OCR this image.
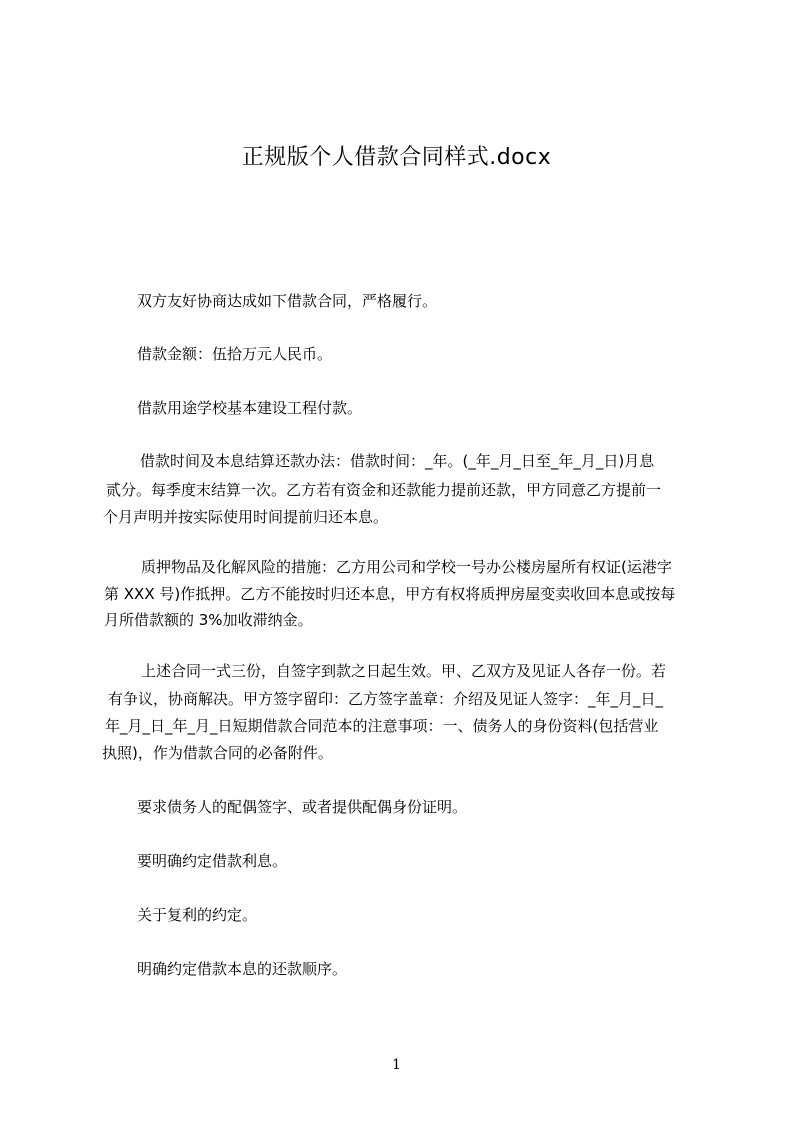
正规版个人借款合同样式.docx
双方友好协商达成如下借款合同，严格履行。
借款金额：伍拾万元人民币。
借款用途学校基本建设工程付款。
借款时间及本息结算还款办法：借款时间：_年。(_年_月_日至_年_月_日)月息
贰分。每季度末结算一次。乙方若有资金和还款能力提前还款，甲方同意乙方提前一
个月声明并按实际使用时间提前归还本息。
质押物品及化解风险的措施：乙方用公司和学校一号办公楼房屋所有权证(运港字
第 XXX 号)作抵押。乙方不能按时归还本息，甲方有权将质押房屋变卖收回本息或按每
月所借款额的 3%加收滞纳金。
上述合同一式三份，自签字到款之日起生效。甲、乙双方及见证人各存一份。若
有争议，协商解决。甲方签字留印：乙方签字盖章：介绍及见证人签字：_年_月_日_
年_月_日_年_月_日短期借款合同范本的注意事项：一、债务人的身份资料(包括营业
执照)，作为借款合同的必备附件。
要求债务人的配偶签字、或者提供配偶身份证明。
要明确约定借款利息。
关于复利的约定。
明确约定借款本息的还款顺序。
1
